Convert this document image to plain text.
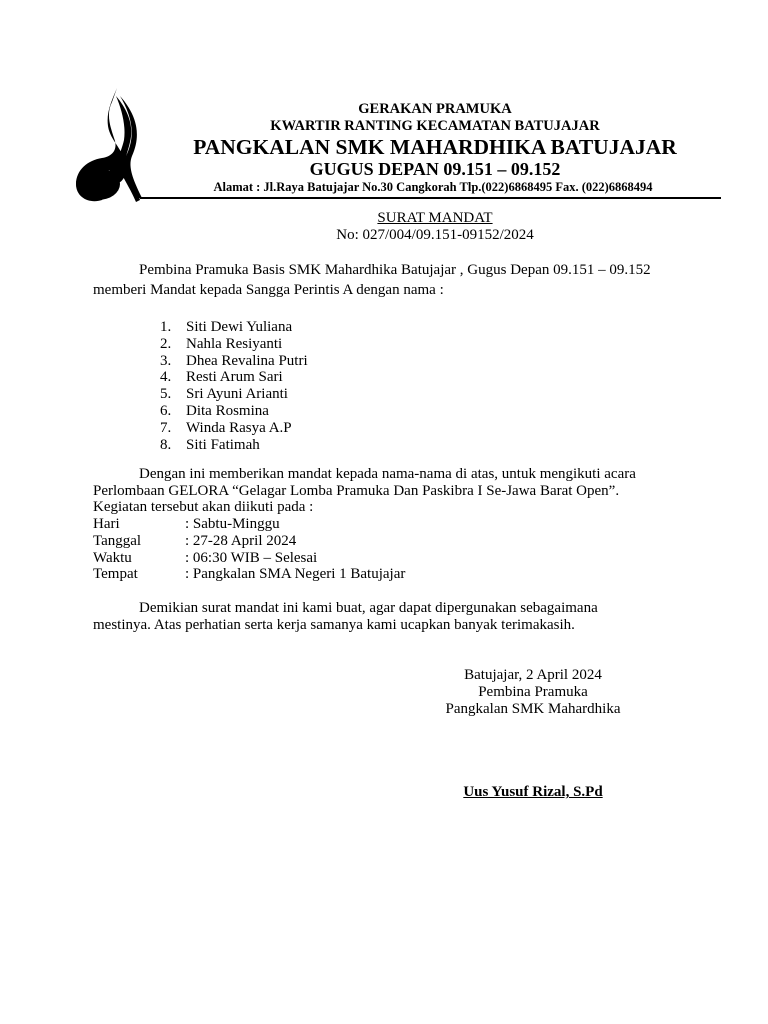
GERAKAN PRAMUKA
KWARTIR RANTING KECAMATAN BATUJAJAR
PANGKALAN SMK MAHARDHIKA BATUJAJAR
GUGUS DEPAN 09.151 – 09.152
Alamat : Jl.Raya Batujajar No.30 Cangkorah Tlp.(022)6868495 Fax. (022)6868494
SURAT MANDAT
No: 027/004/09.151-09152/2024
Pembina Pramuka Basis SMK Mahardhika Batujajar , Gugus Depan 09.151 – 09.152
memberi Mandat kepada Sangga Perintis A dengan nama :
1. Siti Dewi Yuliana
2. Nahla Resiyanti
3. Dhea Revalina Putri
4. Resti Arum Sari
5. Sri Ayuni Arianti
6. Dita Rosmina
7. Winda Rasya A.P
8. Siti Fatimah
Dengan ini memberikan mandat kepada nama-nama di atas, untuk mengikuti acara
Perlombaan GELORA “Gelagar Lomba Pramuka Dan Paskibra I Se-Jawa Barat Open”.
Kegiatan tersebut akan diikuti pada :
Hari	: Sabtu-Minggu
Tanggal	: 27-28 April 2024
Waktu	: 06:30 WIB – Selesai
Tempat	: Pangkalan SMA Negeri 1 Batujajar
Demikian surat mandat ini kami buat, agar dapat dipergunakan sebagaimana
mestinya. Atas perhatian serta kerja samanya kami ucapkan banyak terimakasih.
Batujajar, 2 April 2024
Pembina Pramuka
Pangkalan SMK Mahardhika
Uus Yusuf Rizal, S.Pd
